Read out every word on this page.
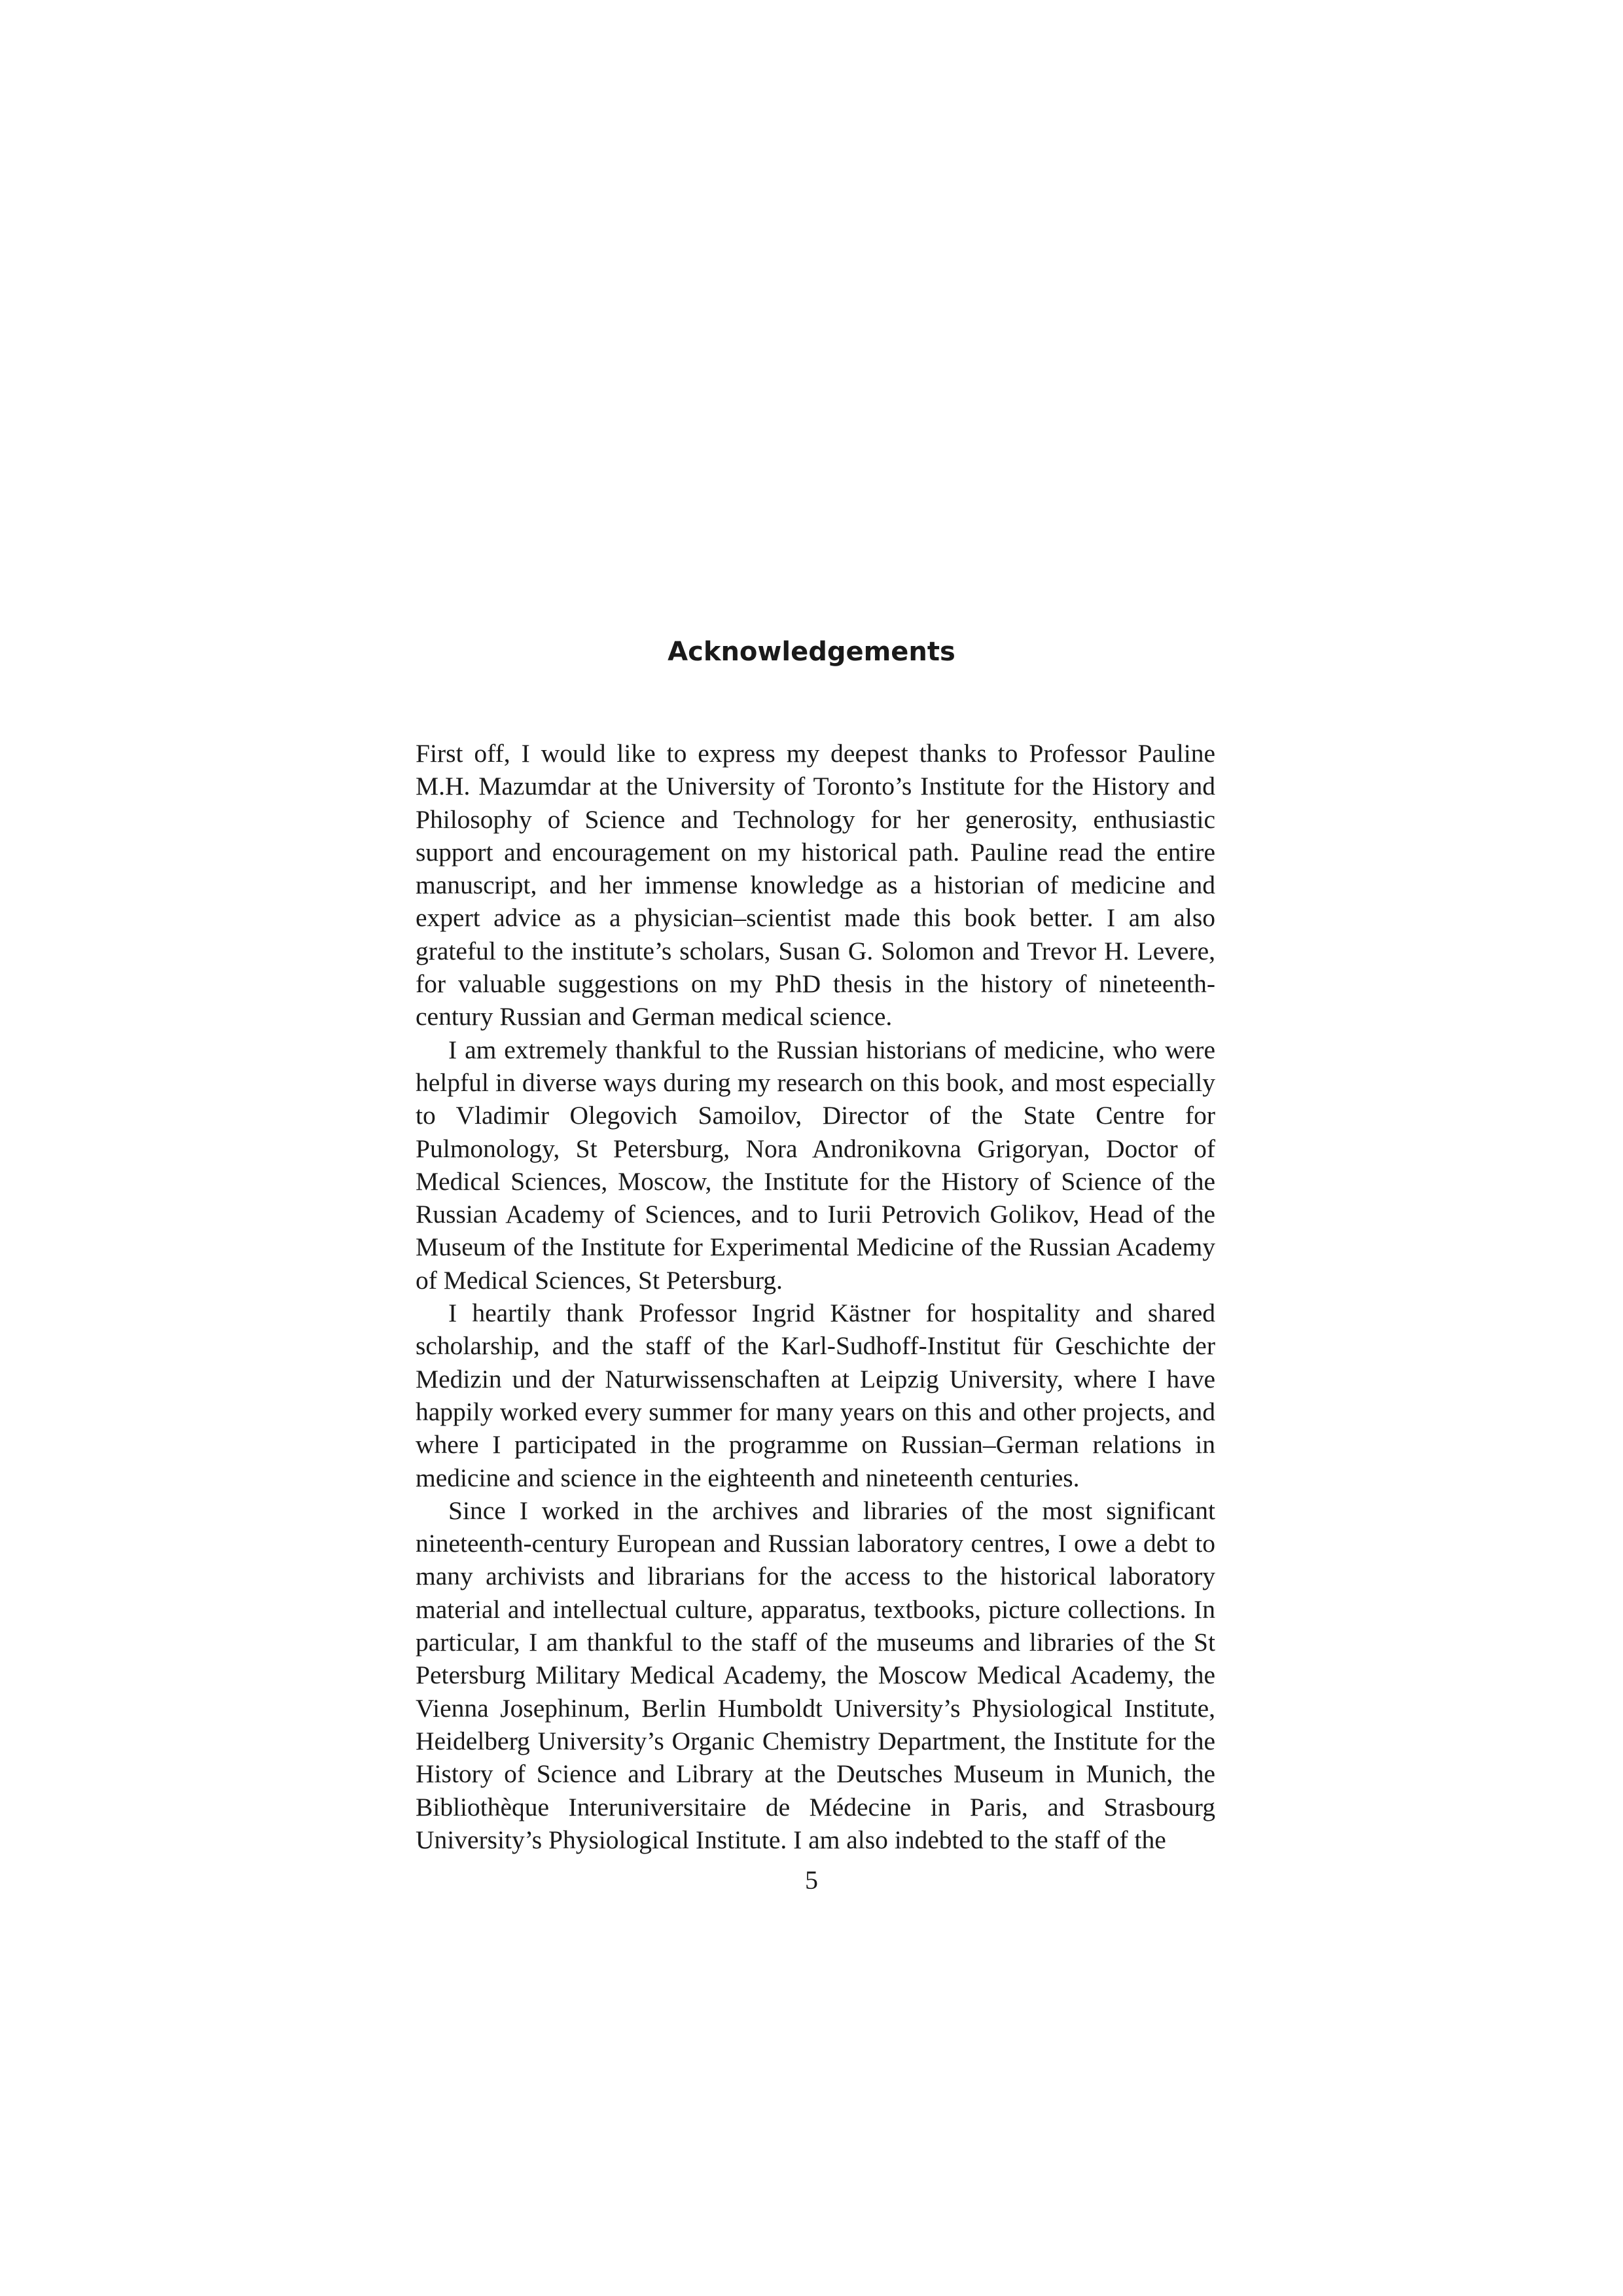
Acknowledgements

First off, I would like to express my deepest thanks to Professor Pauline M.H. Mazumdar at the University of Toronto’s Institute for the History and Philosophy of Science and Technology for her generosity, enthusiastic support and encouragement on my historical path. Pauline read the entire manuscript, and her immense knowledge as a historian of medicine and expert advice as a physician–scientist made this book better. I am also grateful to the institute’s scholars, Susan G. Solomon and Trevor H. Levere, for valuable suggestions on my PhD thesis in the history of nineteenth-century Russian and German medical science.

I am extremely thankful to the Russian historians of medicine, who were helpful in diverse ways during my research on this book, and most especially to Vladimir Olegovich Samoilov, Director of the State Centre for Pulmonology, St Petersburg, Nora Andronikovna Grigoryan, Doctor of Medical Sciences, Moscow, the Institute for the History of Science of the Russian Academy of Sciences, and to Iurii Petrovich Golikov, Head of the Museum of the Institute for Experimental Medicine of the Russian Academy of Medical Sciences, St Petersburg.

I heartily thank Professor Ingrid Kästner for hospitality and shared scholarship, and the staff of the Karl-Sudhoff-Institut für Geschichte der Medizin und der Naturwissenschaften at Leipzig University, where I have happily worked every summer for many years on this and other projects, and where I participated in the programme on Russian–German relations in medicine and science in the eighteenth and nineteenth centuries.

Since I worked in the archives and libraries of the most significant nineteenth-century European and Russian laboratory centres, I owe a debt to many archivists and librarians for the access to the historical laboratory material and intellectual culture, apparatus, textbooks, picture collections. In particular, I am thankful to the staff of the museums and libraries of the St Petersburg Military Medical Academy, the Moscow Medical Academy, the Vienna Josephinum, Berlin Humboldt University’s Physiological Institute, Heidelberg University’s Organic Chemistry Department, the Institute for the History of Science and Library at the Deutsches Museum in Munich, the Bibliothèque Interuniversitaire de Médecine in Paris, and Strasbourg University’s Physiological Institute. I am also indebted to the staff of the

5
